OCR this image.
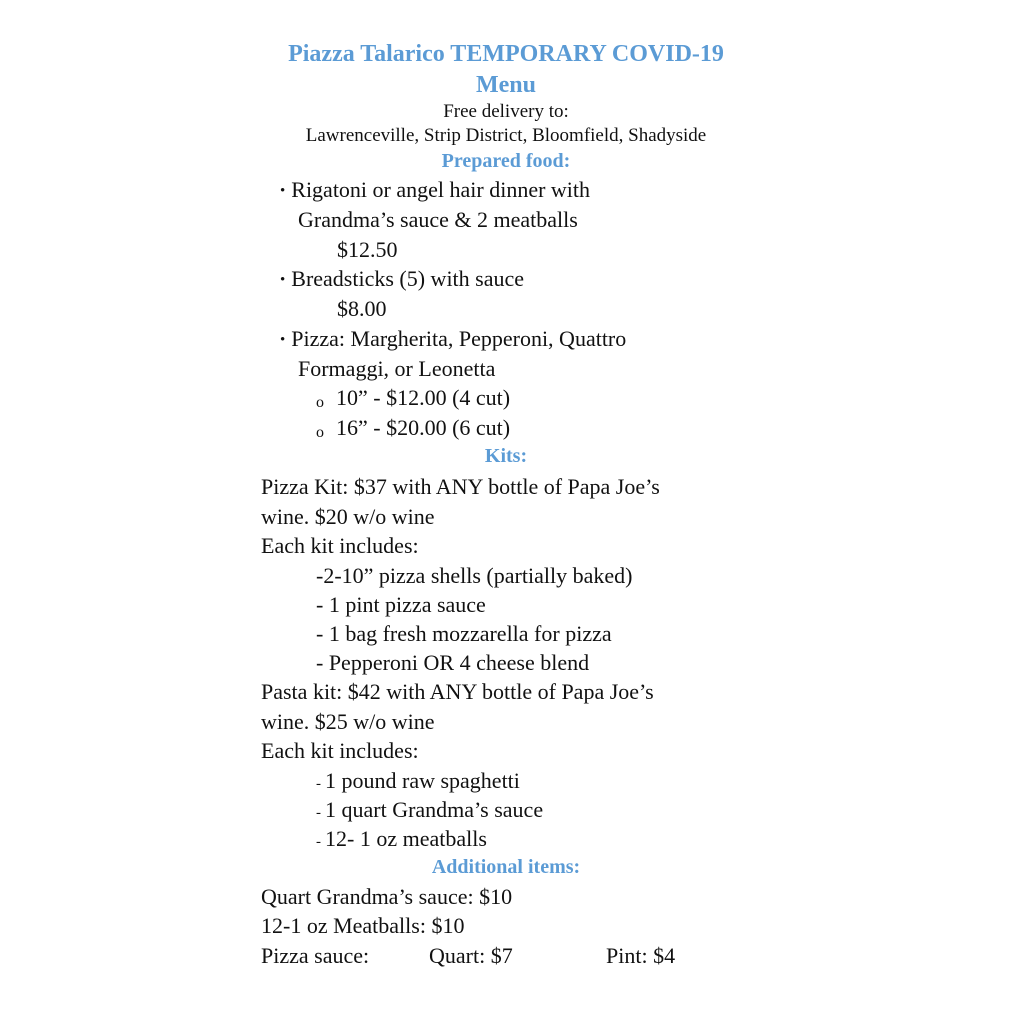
Piazza Talarico TEMPORARY COVID-19
Menu
Free delivery to:
Lawrenceville, Strip District, Bloomfield, Shadyside
Prepared food:
• Rigatoni or angel hair dinner with
Grandma’s sauce & 2 meatballs
$12.50
• Breadsticks (5) with sauce
$8.00
• Pizza: Margherita, Pepperoni, Quattro
Formaggi, or Leonetta
o 10” - $12.00 (4 cut)
o 16” - $20.00 (6 cut)
Kits:
Pizza Kit: $37 with ANY bottle of Papa Joe’s
wine. $20 w/o wine
Each kit includes:
-2-10” pizza shells (partially baked)
- 1 pint pizza sauce
- 1 bag fresh mozzarella for pizza
- Pepperoni OR 4 cheese blend
Pasta kit: $42 with ANY bottle of Papa Joe’s
wine. $25 w/o wine
Each kit includes:
- 1 pound raw spaghetti
- 1 quart Grandma’s sauce
- 12- 1 oz meatballs
Additional items:
Quart Grandma’s sauce: $10
12-1 oz Meatballs: $10
Pizza sauce:	Quart: $7	Pint: $4
